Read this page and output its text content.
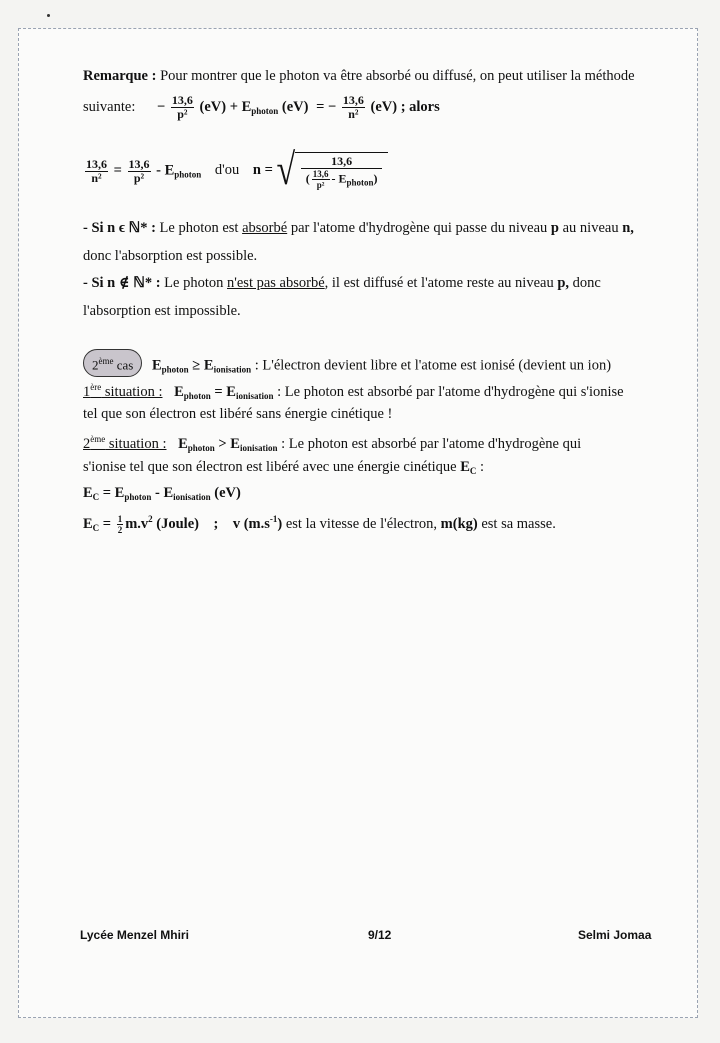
Remarque : Pour montrer que le photon va être absorbé ou diffusé, on peut utiliser la méthode
suivante: − $\frac{13,6}{\text{p²}} (eV) + E_{photon}$ (eV) = − $\frac{13,6}{\text{n²}} (eV)$ ; alors
$\frac{13,6}{\text{n²}} = \frac{13,6}{\text{p²}} - E_{photon}$ d'ou n = √ $\frac{13,6}{( \frac{13,6}{\text{p²}} - E_{photon})}$
- Si n ϵ ℕ* : Le photon est absorbé par l'atome d'hydrogène qui passe du niveau p au niveau n,
donc l'absorption est possible.
- Si n ∉ ℕ* : Le photon n'est pas absorbé, il est diffusé et l'atome reste au niveau p, donc
l'absorption est impossible.
2ème cas $E_{photon} \ge E_{ionisation}$ : L'électron devient libre et l'atome est ionisé (devient un ion)
1ère situation : $E_{photon} = E_{ionisation}$ : Le photon est absorbé par l'atome d'hydrogène qui s'ionise
tel que son électron est libéré sans énergie cinétique !
2ème situation : $E_{photon} > E_{ionisation}$ : Le photon est absorbé par l'atome d'hydrogène qui
s'ionise tel que son électron est libéré avec une énergie cinétique $E_C$ :
$E_C = E_{photon} - E_{ionisation}$ (eV)
$E_C = \frac{1}{2} m.v^2$ (Joule)    ;    v $(m.s^{-1})$ est la vitesse de l'électron, m(kg) est sa masse.
Lycée Menzel Mhiri	9/12	Selmi Jomaa
